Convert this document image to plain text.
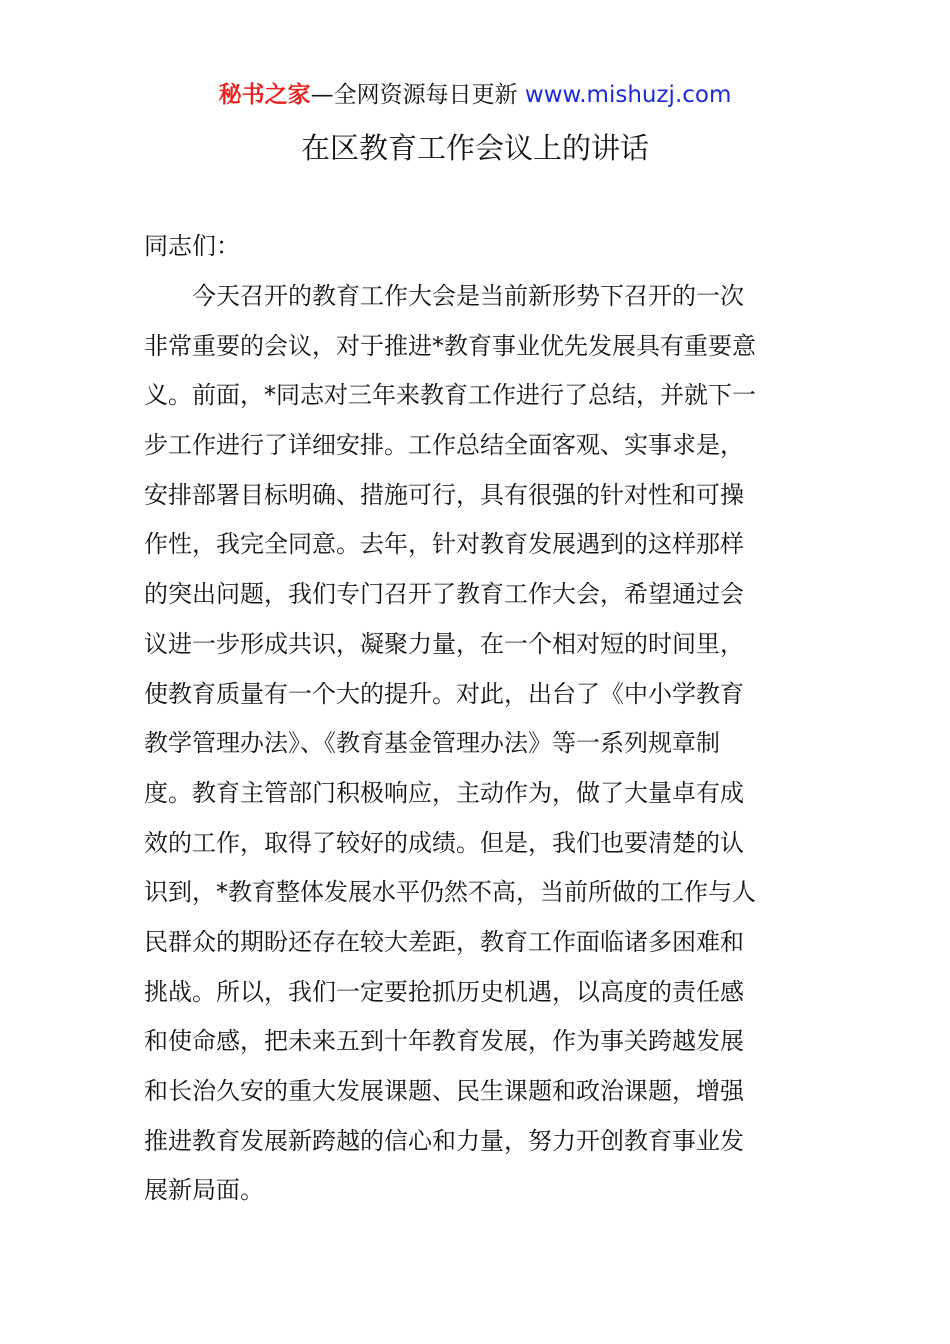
秘书之家—全网资源每日更新 www.mishuzj.com
在区教育工作会议上的讲话
同志们：
　　今天召开的教育工作大会是当前新形势下召开的一次
非常重要的会议，对于推进*教育事业优先发展具有重要意
义。前面，*同志对三年来教育工作进行了总结，并就下一
步工作进行了详细安排。工作总结全面客观、实事求是，
安排部署目标明确、措施可行，具有很强的针对性和可操
作性，我完全同意。去年，针对教育发展遇到的这样那样
的突出问题，我们专门召开了教育工作大会，希望通过会
议进一步形成共识，凝聚力量，在一个相对短的时间里，
使教育质量有一个大的提升。对此，出台了《中小学教育
教学管理办法》、《教育基金管理办法》等一系列规章制
度。教育主管部门积极响应，主动作为，做了大量卓有成
效的工作，取得了较好的成绩。但是，我们也要清楚的认
识到，*教育整体发展水平仍然不高，当前所做的工作与人
民群众的期盼还存在较大差距，教育工作面临诸多困难和
挑战。所以，我们一定要抢抓历史机遇，以高度的责任感
和使命感，把未来五到十年教育发展，作为事关跨越发展
和长治久安的重大发展课题、民生课题和政治课题，增强
推进教育发展新跨越的信心和力量，努力开创教育事业发
展新局面。
